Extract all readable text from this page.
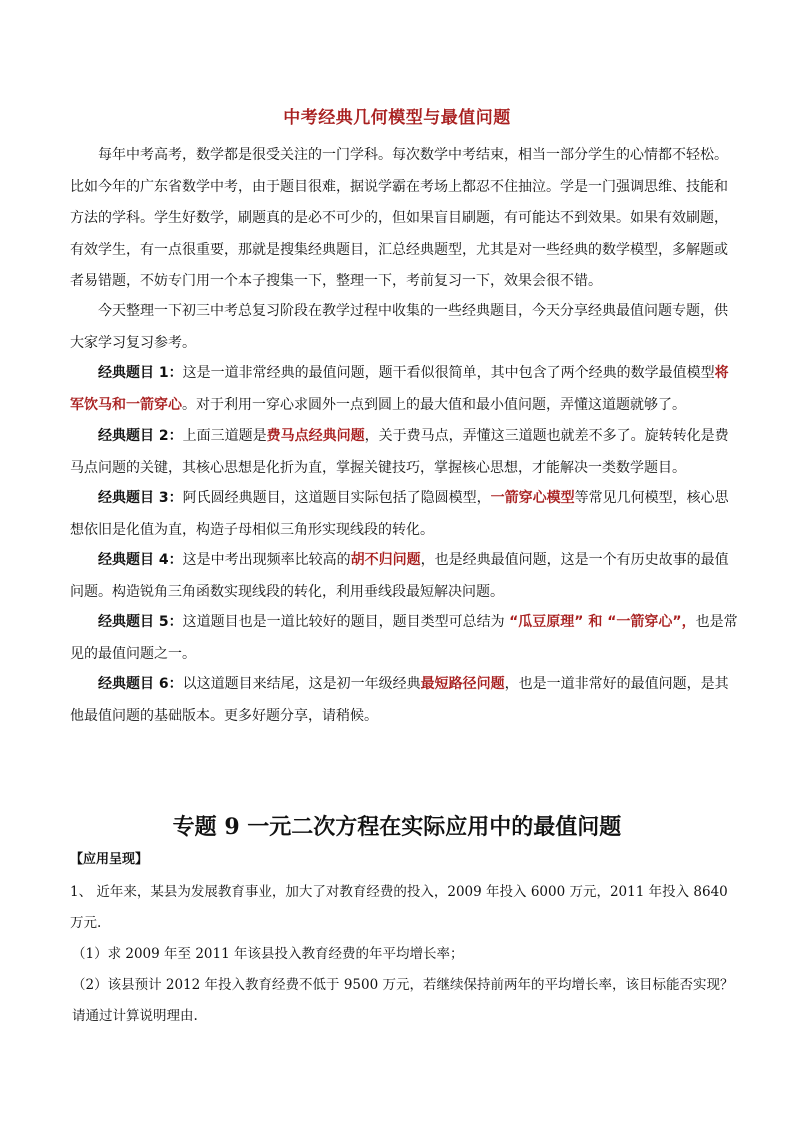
中考经典几何模型与最值问题
每年中考高考，数学都是很受关注的一门学科。每次数学中考结束，相当一部分学生的心情都不轻松。比如今年的广东省数学中考，由于题目很难，据说学霸在考场上都忍不住抽泣。学是一门强调思维、技能和方法的学科。学生好数学，刷题真的是必不可少的，但如果盲目刷题，有可能达不到效果。如果有效刷题，有效学生，有一点很重要，那就是搜集经典题目，汇总经典题型，尤其是对一些经典的数学模型，多解题或者易错题，不妨专门用一个本子搜集一下，整理一下，考前复习一下，效果会很不错。
今天整理一下初三中考总复习阶段在教学过程中收集的一些经典题目，今天分享经典最值问题专题，供大家学习复习参考。
经典题目 1：这是一道非常经典的最值问题，题干看似很简单，其中包含了两个经典的数学最值模型将军饮马和一箭穿心。对于利用一穿心求圆外一点到圆上的最大值和最小值问题，弄懂这道题就够了。
经典题目 2：上面三道题是费马点经典问题，关于费马点，弄懂这三道题也就差不多了。旋转转化是费马点问题的关键，其核心思想是化折为直，掌握关键技巧，掌握核心思想，才能解决一类数学题目。
经典题目 3：阿氏圆经典题目，这道题目实际包括了隐圆模型，一箭穿心模型等常见几何模型，核心思想依旧是化值为直，构造子母相似三角形实现线段的转化。
经典题目 4：这是中考出现频率比较高的胡不归问题，也是经典最值问题，这是一个有历史故事的最值问题。构造锐角三角函数实现线段的转化，利用垂线段最短解决问题。
经典题目 5：这道题目也是一道比较好的题目，题目类型可总结为 “瓜豆原理” 和 “一箭穿心”，也是常见的最值问题之一。
经典题目 6：以这道题目来结尾，这是初一年级经典最短路径问题，也是一道非常好的最值问题，是其他最值问题的基础版本。更多好题分享，请稍候。
专题 9 一元二次方程在实际应用中的最值问题
【应用呈现】
1、 近年来，某县为发展教育事业，加大了对教育经费的投入，2009 年投入 6000 万元，2011 年投入 8640 万元.
（1）求 2009 年至 2011 年该县投入教育经费的年平均增长率；
（2）该县预计 2012 年投入教育经费不低于 9500 万元，若继续保持前两年的平均增长率，该目标能否实现？请通过计算说明理由.
